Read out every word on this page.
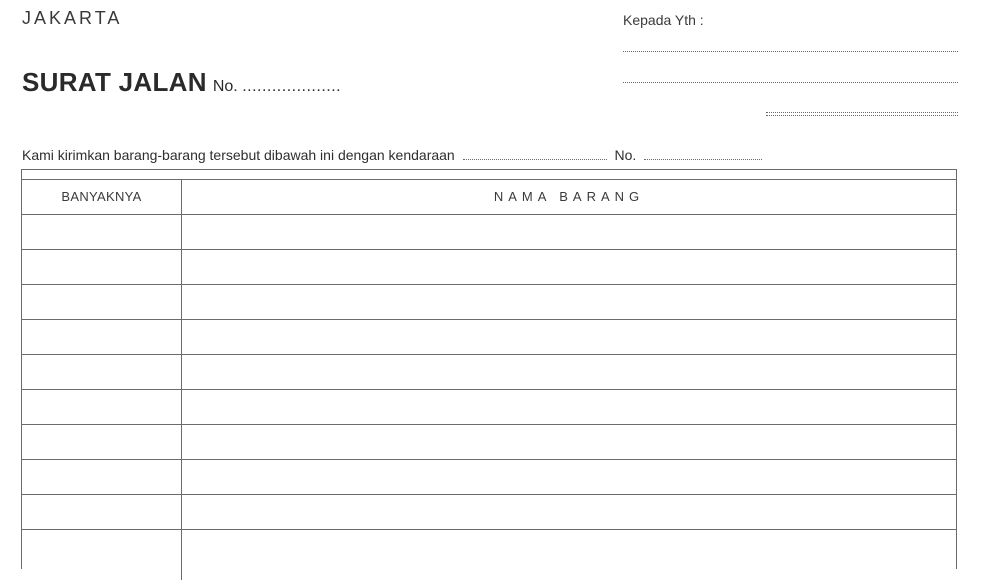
JAKARTA	Kepada Yth :
SURAT JALAN No. ....................
Kami kirimkan barang-barang tersebut dibawah ini dengan kendaraan	No.
BANYAKNYA	NAMA BARANG
